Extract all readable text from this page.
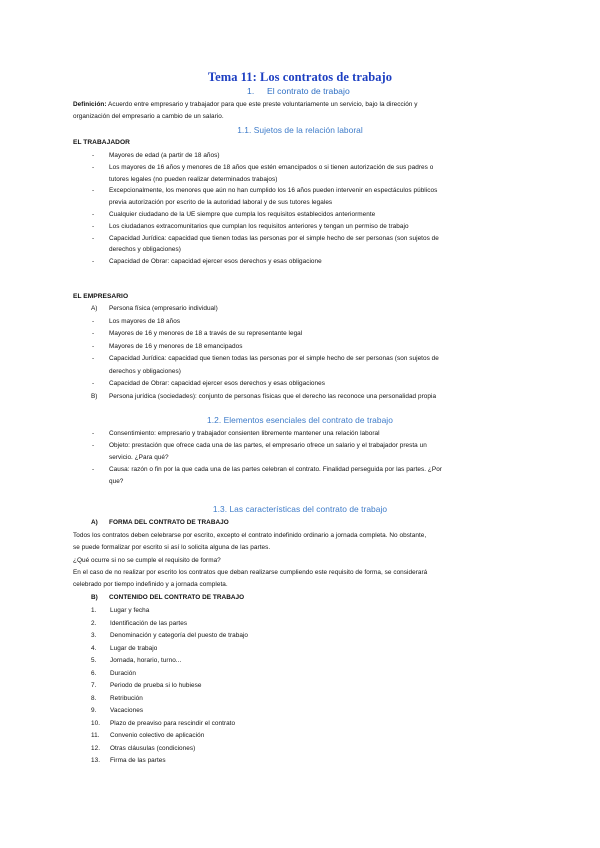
Tema 11: Los contratos de trabajo
1. El contrato de trabajo
Definición: Acuerdo entre empresario y trabajador para que este preste voluntariamente un servicio, bajo la dirección y
organización del empresario a cambio de un salario.
1.1. Sujetos de la relación laboral
EL TRABAJADOR
- Mayores de edad (a partir de 18 años)
- Los mayores de 16 años y menores de 18 años que estén emancipados o si tienen autorización de sus padres o
tutores legales (no pueden realizar determinados trabajos)
- Excepcionalmente, los menores que aún no han cumplido los 16 años pueden intervenir en espectáculos públicos
previa autorización por escrito de la autoridad laboral y de sus tutores legales
- Cualquier ciudadano de la UE siempre que cumpla los requisitos establecidos anteriormente
- Los ciudadanos extracomunitarios que cumplan los requisitos anteriores y tengan un permiso de trabajo
- Capacidad Jurídica: capacidad que tienen todas las personas por el simple hecho de ser personas (son sujetos de
derechos y obligaciones)
- Capacidad de Obrar: capacidad ejercer esos derechos y esas obligacione
EL EMPRESARIO
A) Persona física (empresario individual)
- Los mayores de 18 años
- Mayores de 16 y menores de 18 a través de su representante legal
- Mayores de 16 y menores de 18 emancipados
- Capacidad Jurídica: capacidad que tienen todas las personas por el simple hecho de ser personas (son sujetos de
derechos y obligaciones)
- Capacidad de Obrar: capacidad ejercer esos derechos y esas obligaciones
B) Persona jurídica (sociedades): conjunto de personas físicas que el derecho las reconoce una personalidad propia
1.2. Elementos esenciales del contrato de trabajo
- Consentimiento: empresario y trabajador consienten libremente mantener una relación laboral
- Objeto: prestación que ofrece cada una de las partes, el empresario ofrece un salario y el trabajador presta un
servicio. ¿Para qué?
- Causa: razón o fin por la que cada una de las partes celebran el contrato. Finalidad perseguida por las partes. ¿Por
que?
1.3. Las características del contrato de trabajo
A) FORMA DEL CONTRATO DE TRABAJO
Todos los contratos deben celebrarse por escrito, excepto el contrato indefinido ordinario a jornada completa. No obstante,
se puede formalizar por escrito si así lo solicita alguna de las partes.
¿Qué ocurre si no se cumple el requisito de forma?
En el caso de no realizar por escrito los contratos que deban realizarse cumpliendo este requisito de forma, se considerará
celebrado por tiempo indefinido y a jornada completa.
B) CONTENIDO DEL CONTRATO DE TRABAJO
1. Lugar y fecha
2. Identificación de las partes
3. Denominación y categoría del puesto de trabajo
4. Lugar de trabajo
5. Jornada, horario, turno...
6. Duración
7. Periodo de prueba si lo hubiese
8. Retribución
9. Vacaciones
10. Plazo de preaviso para rescindir el contrato
11. Convenio colectivo de aplicación
12. Otras cláusulas (condiciones)
13. Firma de las partes
